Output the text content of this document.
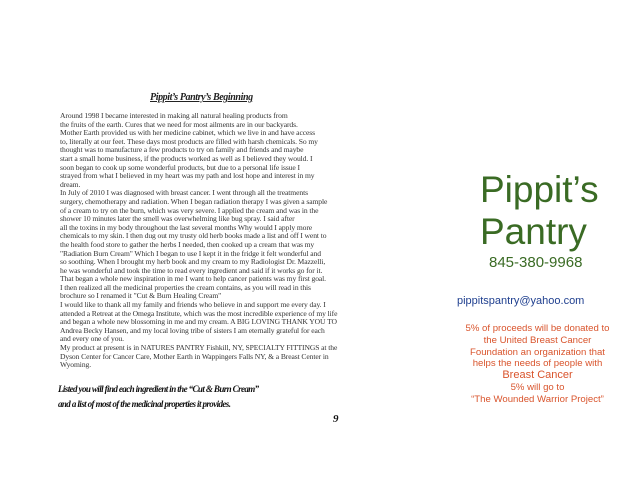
Pippit’s Pantry’s Beginning
Around 1998 I became interested in making all natural healing products from
the fruits of the earth. Cures that we need for most ailments are in our backyards.
Mother Earth provided us with her medicine cabinet, which we live in and have access
to, literally at our feet. These days most products are filled with harsh chemicals. So my
thought was to manufacture a few products to try on family and friends and maybe
start a small home business, if the products worked as well as I believed they would. I
soon began to cook up some wonderful products, but due to a personal life issue I
strayed from what I believed in my heart was my path and lost hope and interest in my
dream.
In July of 2010 I was diagnosed with breast cancer. I went through all the treatments
surgery, chemotherapy and radiation. When I began radiation therapy I was given a sample
of a cream to try on the burn, which was very severe. I applied the cream and was in the
shower 10 minutes later the smell was overwhelming like bug spray. I said after
all the toxins in my body throughout the last several months Why would I apply more
chemicals to my skin. I then dug out my trusty old herb books made a list and off I went to
the health food store to gather the herbs I needed, then cooked up a cream that was my
"Radiation Burn Cream" Which I began to use I kept it in the fridge it felt wonderful and
so soothing. When I brought my herb book and my cream to my Radiologist Dr. Mazzelli,
he was wonderful and took the time to read every ingredient and said if it works go for it.
That began a whole new inspiration in me I want to help cancer patients was my first goal.
I then realized all the medicinal properties the cream contains, as you will read in this
brochure so I renamed it "Cut & Burn Healing Cream"
I would like to thank all my family and friends who believe in and support me every day. I
attended a Retreat at the Omega Institute, which was the most incredible experience of my life
and began a whole new blossoming in me and my cream. A BIG LOVING THANK YOU TO
Andrea Becky Hansen, and my local loving tribe of sisters I am eternally grateful for each
and every one of you.
My product at present is in NATURES PANTRY Fishkill, NY, SPECIALTY FITTINGS at the
Dyson Center for Cancer Care, Mother Earth in Wappingers Falls NY, & a Breast Center in
Wyoming.
Listed you will find each ingredient in the “Cut & Burn Cream”
and a list of most of the medicinal properties it provides.
9
Pippit’s
Pantry
845-380-9968
pippitspantry@yahoo.com
5% of proceeds will be donated to
the United Breast Cancer
Foundation an organization that
helps the needs of people with
Breast Cancer
5% will go to
“The Wounded Warrior Project”
